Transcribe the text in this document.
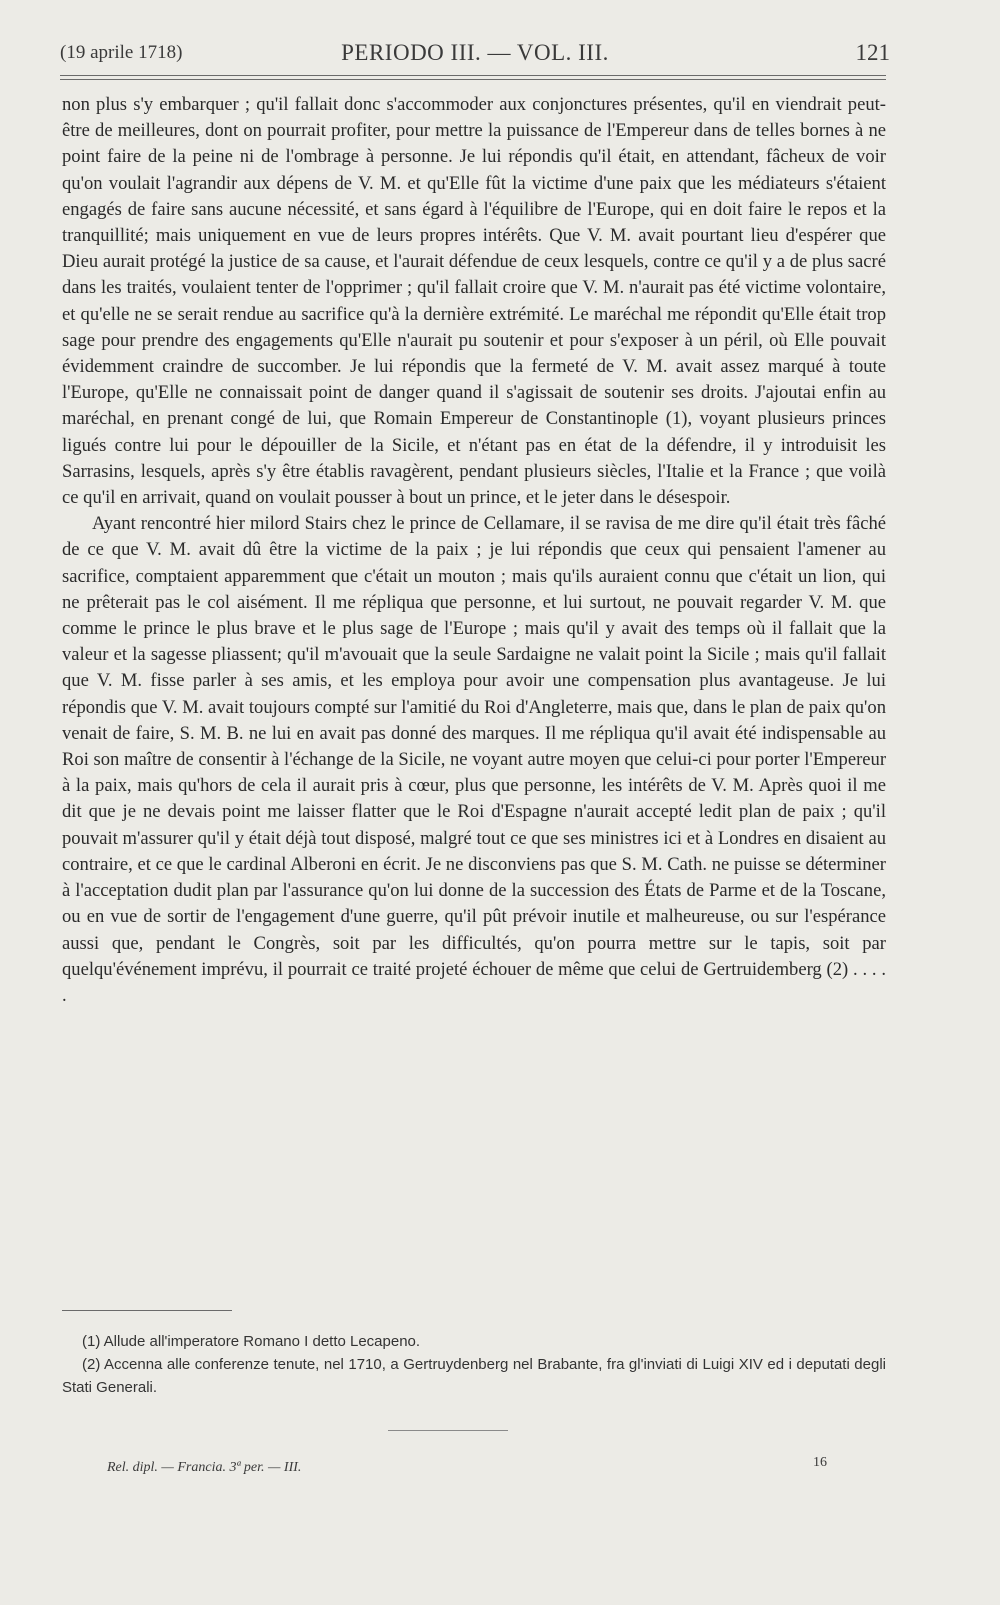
(19 aprile 1718)	PERIODO III. — VOL. III.	121

non plus s'y embarquer ; qu'il fallait donc s'accommoder aux conjonctures présentes, qu'il en viendrait peut-être de meilleures, dont on pourrait profiter, pour mettre la puissance de l'Empereur dans de telles bornes à ne point faire de la peine ni de l'ombrage à personne. Je lui répondis qu'il était, en attendant, fâcheux de voir qu'on voulait l'agrandir aux dépens de V. M. et qu'Elle fût la victime d'une paix que les médiateurs s'étaient engagés de faire sans aucune nécessité, et sans égard à l'équilibre de l'Europe, qui en doit faire le repos et la tranquillité; mais uniquement en vue de leurs propres intérêts. Que V. M. avait pourtant lieu d'espérer que Dieu aurait protégé la justice de sa cause, et l'aurait défendue de ceux lesquels, contre ce qu'il y a de plus sacré dans les traités, voulaient tenter de l'opprimer ; qu'il fallait croire que V. M. n'aurait pas été victime volontaire, et qu'elle ne se serait rendue au sacrifice qu'à la dernière extrémité. Le maréchal me répondit qu'Elle était trop sage pour prendre des engagements qu'Elle n'aurait pu soutenir et pour s'exposer à un péril, où Elle pouvait évidemment craindre de succomber. Je lui répondis que la fermeté de V. M. avait assez marqué à toute l'Europe, qu'Elle ne connaissait point de danger quand il s'agissait de soutenir ses droits. J'ajoutai enfin au maréchal, en prenant congé de lui, que Romain Empereur de Constantinople (1), voyant plusieurs princes ligués contre lui pour le dépouiller de la Sicile, et n'étant pas en état de la défendre, il y introduisit les Sarrasins, lesquels, après s'y être établis ravagèrent, pendant plusieurs siècles, l'Italie et la France ; que voilà ce qu'il en arrivait, quand on voulait pousser à bout un prince, et le jeter dans le désespoir.

Ayant rencontré hier milord Stairs chez le prince de Cellamare, il se ravisa de me dire qu'il était très fâché de ce que V. M. avait dû être la victime de la paix ; je lui répondis que ceux qui pensaient l'amener au sacrifice, comptaient apparemment que c'était un mouton ; mais qu'ils auraient connu que c'était un lion, qui ne prêterait pas le col aisément. Il me répliqua que personne, et lui surtout, ne pouvait regarder V. M. que comme le prince le plus brave et le plus sage de l'Europe ; mais qu'il y avait des temps où il fallait que la valeur et la sagesse pliassent; qu'il m'avouait que la seule Sardaigne ne valait point la Sicile ; mais qu'il fallait que V. M. fisse parler à ses amis, et les employa pour avoir une compensation plus avantageuse. Je lui répondis que V. M. avait toujours compté sur l'amitié du Roi d'Angleterre, mais que, dans le plan de paix qu'on venait de faire, S. M. B. ne lui en avait pas donné des marques. Il me répliqua qu'il avait été indispensable au Roi son maître de consentir à l'échange de la Sicile, ne voyant autre moyen que celui-ci pour porter l'Empereur à la paix, mais qu'hors de cela il aurait pris à cœur, plus que personne, les intérêts de V. M. Après quoi il me dit que je ne devais point me laisser flatter que le Roi d'Espagne n'aurait accepté ledit plan de paix ; qu'il pouvait m'assurer qu'il y était déjà tout disposé, malgré tout ce que ses ministres ici et à Londres en disaient au contraire, et ce que le cardinal Alberoni en écrit. Je ne disconviens pas que S. M. Cath. ne puisse se déterminer à l'acceptation dudit plan par l'assurance qu'on lui donne de la succession des États de Parme et de la Toscane, ou en vue de sortir de l'engagement d'une guerre, qu'il pût prévoir inutile et malheureuse, ou sur l'espérance aussi que, pendant le Congrès, soit par les difficultés, qu'on pourra mettre sur le tapis, soit par quelqu'événement imprévu, il pourrait ce traité projeté échouer de même que celui de Gertruidemberg (2) . . . . .

(1) Allude all'imperatore Romano I detto Lecapeno.

(2) Accenna alle conferenze tenute, nel 1710, a Gertruydenberg nel Brabante, fra gl'inviati di Luigi XIV ed i deputati degli Stati Generali.

Rel. dipl. — Francia. 3ª per. — III.	16
